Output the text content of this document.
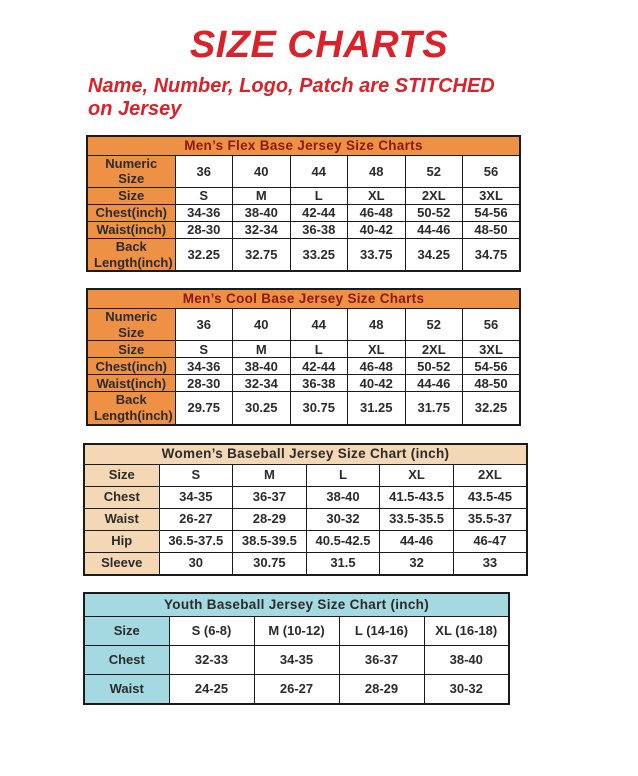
SIZE CHARTS

Name, Number, Logo, Patch are STITCHED on Jersey

Men’s Flex Base Jersey Size Charts						
Numeric Size	36	40	44	48	52	56
Size	S	M	L	XL	2XL	3XL
Chest(inch)	34-36	38-40	42-44	46-48	50-52	54-56
Waist(inch)	28-30	32-34	36-38	40-42	44-46	48-50
Back Length(inch)	32.25	32.75	33.25	33.75	34.25	34.75
Men’s Cool Base Jersey Size Charts						
Numeric Size	36	40	44	48	52	56
Size	S	M	L	XL	2XL	3XL
Chest(inch)	34-36	38-40	42-44	46-48	50-52	54-56
Waist(inch)	28-30	32-34	36-38	40-42	44-46	48-50
Back Length(inch)	29.75	30.25	30.75	31.25	31.75	32.25
Women’s Baseball Jersey Size Chart (inch)					
Size	S	M	L	XL	2XL
Chest	34-35	36-37	38-40	41.5-43.5	43.5-45
Waist	26-27	28-29	30-32	33.5-35.5	35.5-37
Hip	36.5-37.5	38.5-39.5	40.5-42.5	44-46	46-47
Sleeve	30	30.75	31.5	32	33
Youth Baseball Jersey Size Chart (inch)				
Size	S (6-8)	M (10-12)	L (14-16)	XL (16-18)
Chest	32-33	34-35	36-37	38-40
Waist	24-25	26-27	28-29	30-32
